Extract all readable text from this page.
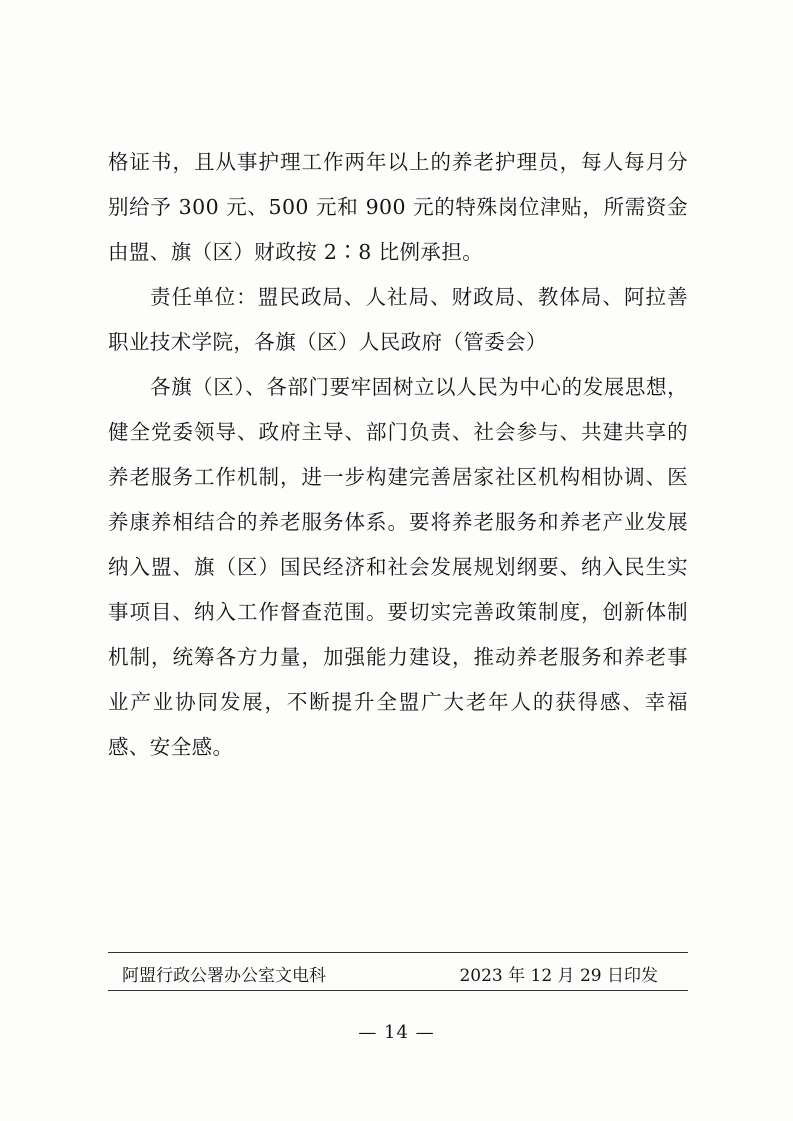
格证书，且从事护理工作两年以上的养老护理员，每人每月分别给予 300 元、500 元和 900 元的特殊岗位津贴，所需资金由盟、旗（区）财政按 2∶8 比例承担。

责任单位：盟民政局、人社局、财政局、教体局、阿拉善职业技术学院，各旗（区）人民政府（管委会）

各旗（区）、各部门要牢固树立以人民为中心的发展思想，健全党委领导、政府主导、部门负责、社会参与、共建共享的养老服务工作机制，进一步构建完善居家社区机构相协调、医养康养相结合的养老服务体系。要将养老服务和养老产业发展纳入盟、旗（区）国民经济和社会发展规划纲要、纳入民生实事项目、纳入工作督查范围。要切实完善政策制度，创新体制机制，统筹各方力量，加强能力建设，推动养老服务和养老事业产业协同发展，不断提升全盟广大老年人的获得感、幸福感、安全感。

阿盟行政公署办公室文电科	2023 年 12 月 29 日印发
— 14 —
